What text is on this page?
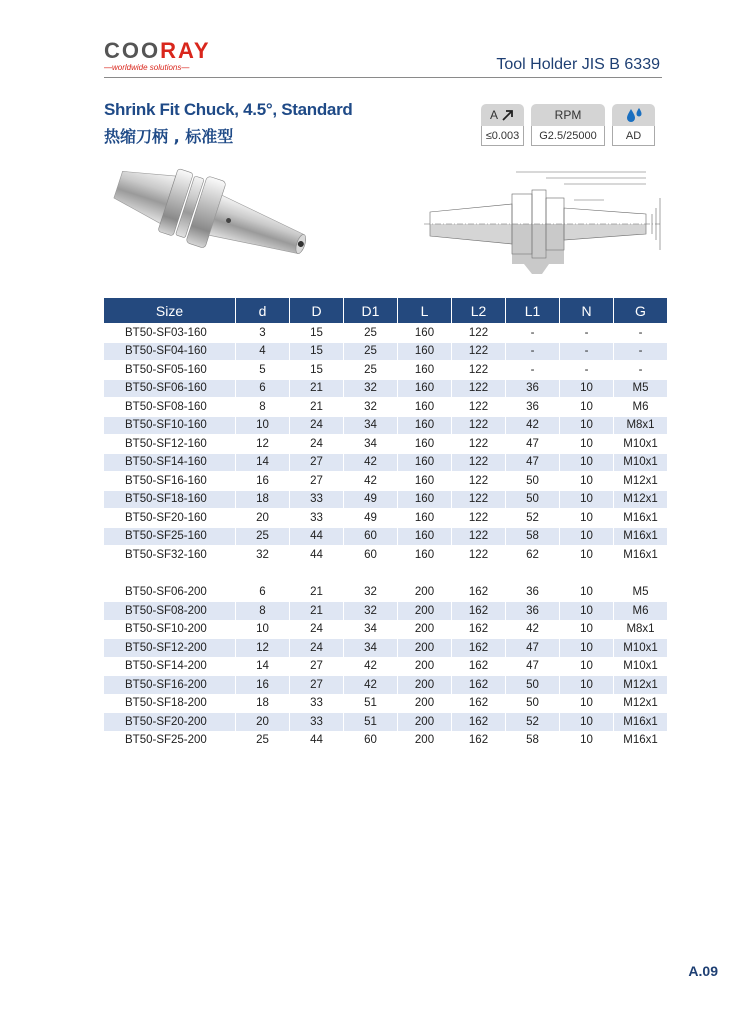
COORAY
—worldwide solutions—	Tool Holder JIS B 6339
Shrink Fit Chuck, 4.5°, Standard
热缩刀柄 , 标准型
A
≤0.003
RPM
G2.5/25000	AD
Size	d	D	D1	L	L2	L1	N	G
BT50-SF03-160	3	15	25	160	122	-	-	-
BT50-SF04-160	4	15	25	160	122	-	-	-
BT50-SF05-160	5	15	25	160	122	-	-	-
BT50-SF06-160	6	21	32	160	122	36	10	M5
BT50-SF08-160	8	21	32	160	122	36	10	M6
BT50-SF10-160	10	24	34	160	122	42	10	M8x1
BT50-SF12-160	12	24	34	160	122	47	10	M10x1
BT50-SF14-160	14	27	42	160	122	47	10	M10x1
BT50-SF16-160	16	27	42	160	122	50	10	M12x1
BT50-SF18-160	18	33	49	160	122	50	10	M12x1
BT50-SF20-160	20	33	49	160	122	52	10	M16x1
BT50-SF25-160	25	44	60	160	122	58	10	M16x1
BT50-SF32-160	32	44	60	160	122	62	10	M16x1

BT50-SF06-200	6	21	32	200	162	36	10	M5
BT50-SF08-200	8	21	32	200	162	36	10	M6
BT50-SF10-200	10	24	34	200	162	42	10	M8x1
BT50-SF12-200	12	24	34	200	162	47	10	M10x1
BT50-SF14-200	14	27	42	200	162	47	10	M10x1
BT50-SF16-200	16	27	42	200	162	50	10	M12x1
BT50-SF18-200	18	33	51	200	162	50	10	M12x1
BT50-SF20-200	20	33	51	200	162	52	10	M16x1
BT50-SF25-200	25	44	60	200	162	58	10	M16x1
A.09
